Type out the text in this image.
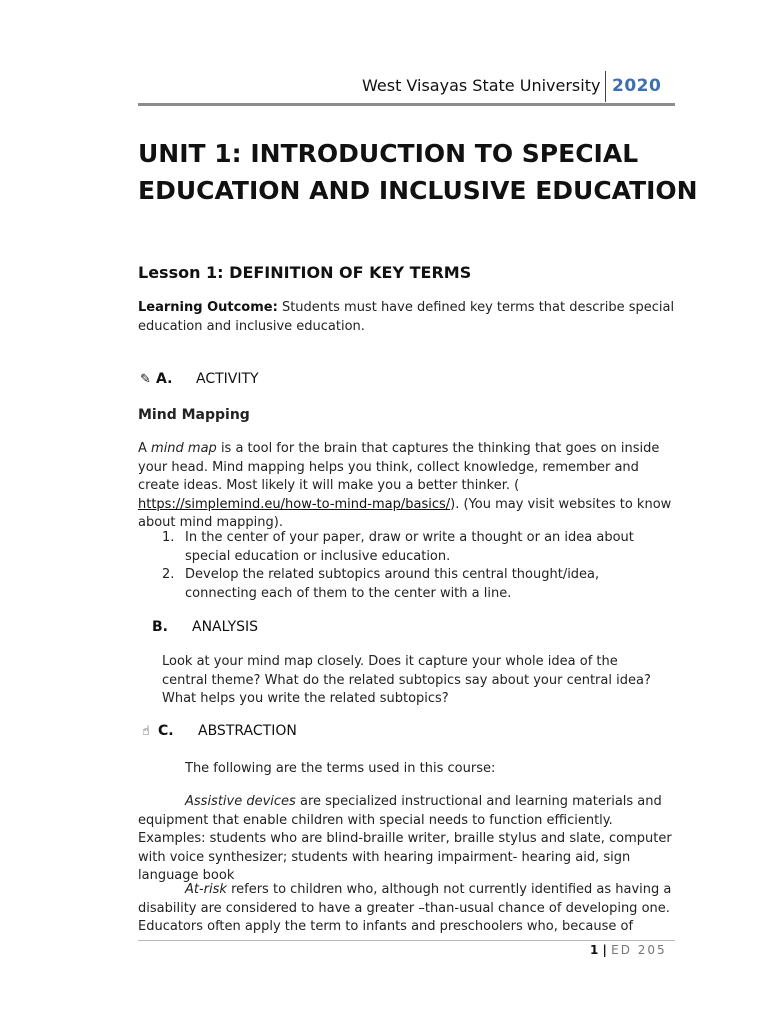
West Visayas State University 2020
UNIT 1: INTRODUCTION TO SPECIAL EDUCATION AND INCLUSIVE EDUCATION
Lesson 1: DEFINITION OF KEY TERMS
Learning Outcome: Students must have defined key terms that describe special education and inclusive education.
✎ A. ACTIVITY
Mind Mapping
A mind map is a tool for the brain that captures the thinking that goes on inside your head. Mind mapping helps you think, collect knowledge, remember and create ideas. Most likely it will make you a better thinker. ( https://simplemind.eu/how-to-mind-map/basics/). (You may visit websites to know about mind mapping).
1. In the center of your paper, draw or write a thought or an idea about special education or inclusive education.
2. Develop the related subtopics around this central thought/idea, connecting each of them to the center with a line.
B. ANALYSIS
Look at your mind map closely. Does it capture your whole idea of the central theme? What do the related subtopics say about your central idea? What helps you write the related subtopics?
☝ C. ABSTRACTION
The following are the terms used in this course:
Assistive devices are specialized instructional and learning materials and equipment that enable children with special needs to function efficiently. Examples: students who are blind-braille writer, braille stylus and slate, computer with voice synthesizer; students with hearing impairment- hearing aid, sign language book
At-risk refers to children who, although not currently identified as having a disability are considered to have a greater –than-usual chance of developing one. Educators often apply the term to infants and preschoolers who, because of
1 | ED 205
